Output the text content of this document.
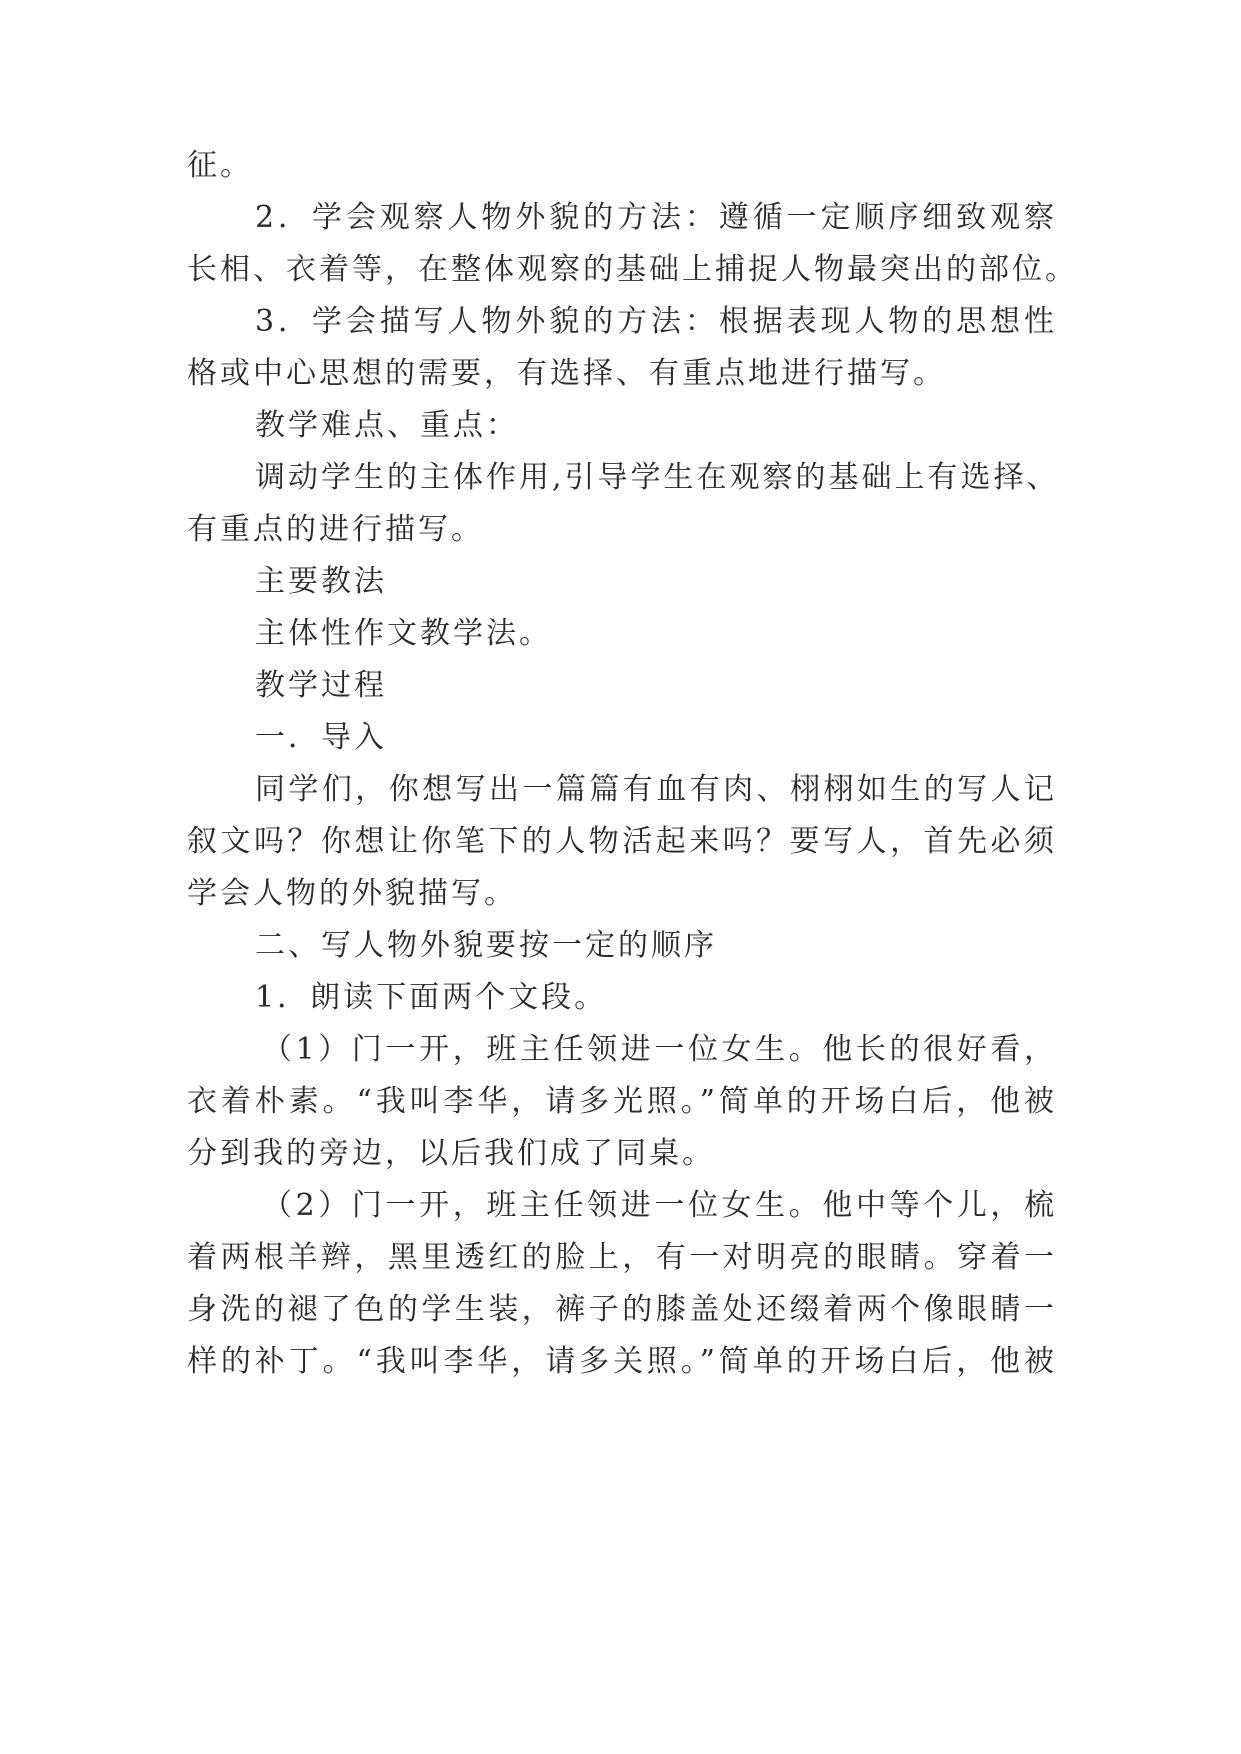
征。
2．学会观察人物外貌的方法：遵循一定顺序细致观察
长相、衣着等，在整体观察的基础上捕捉人物最突出的部位。
3．学会描写人物外貌的方法：根据表现人物的思想性
格或中心思想的需要，有选择、有重点地进行描写。
教学难点、重点：
调动学生的主体作用,引导学生在观察的基础上有选择、
有重点的进行描写。
主要教法
主体性作文教学法。
教学过程
一．导入
同学们，你想写出一篇篇有血有肉、栩栩如生的写人记
叙文吗？你想让你笔下的人物活起来吗？要写人，首先必须
学会人物的外貌描写。
二、写人物外貌要按一定的顺序
1．朗读下面两个文段。
（1）门一开，班主任领进一位女生。他长的很好看，
衣着朴素。“我叫李华，请多光照。”简单的开场白后，他被
分到我的旁边，以后我们成了同桌。
（2）门一开，班主任领进一位女生。他中等个儿，梳
着两根羊辫，黑里透红的脸上，有一对明亮的眼睛。穿着一
身洗的褪了色的学生装，裤子的膝盖处还缀着两个像眼睛一
样的补丁。“我叫李华，请多关照。”简单的开场白后，他被
